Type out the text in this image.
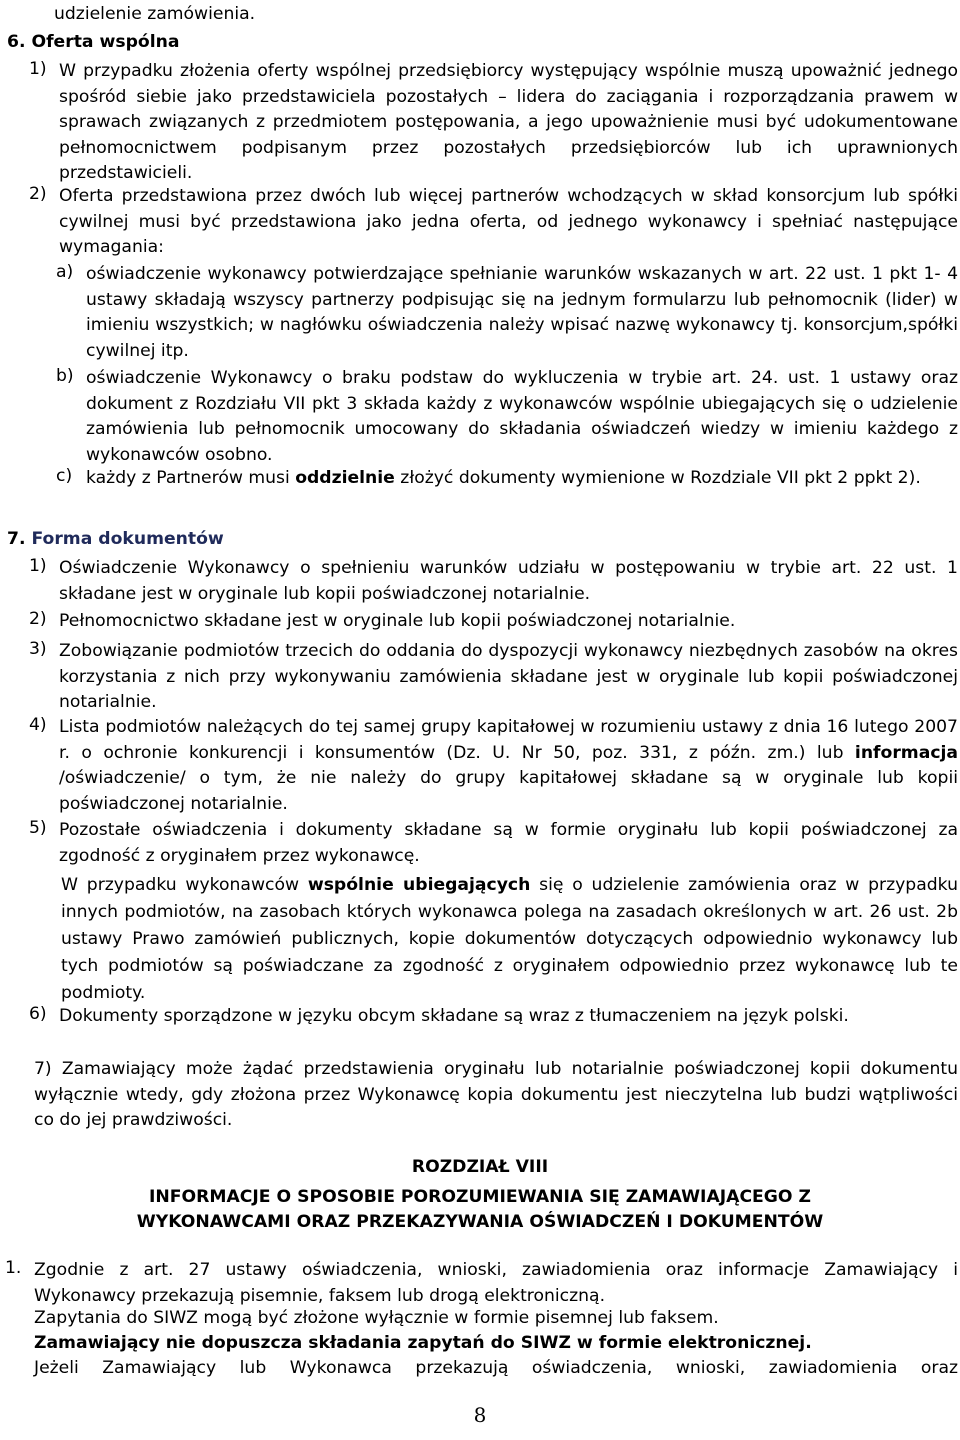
udzielenie zamówienia.
6. Oferta wspólna
1) W przypadku złożenia oferty wspólnej przedsiębiorcy występujący wspólnie muszą upoważnić jednego spośród siebie jako przedstawiciela pozostałych – lidera do zaciągania i rozporządzania prawem w sprawach związanych z przedmiotem postępowania, a jego upoważnienie musi być udokumentowane pełnomocnictwem podpisanym przez pozostałych przedsiębiorców lub ich uprawnionych przedstawicieli.
2) Oferta przedstawiona przez dwóch lub więcej partnerów wchodzących w skład konsorcjum lub spółki cywilnej musi być przedstawiona jako jedna oferta, od jednego wykonawcy i spełniać następujące wymagania:
a) oświadczenie wykonawcy potwierdzające spełnianie warunków wskazanych w art. 22 ust. 1 pkt 1- 4 ustawy składają wszyscy partnerzy podpisując się na jednym formularzu lub pełnomocnik (lider) w imieniu wszystkich; w nagłówku oświadczenia należy wpisać nazwę wykonawcy tj. konsorcjum,spółki cywilnej itp.
b) oświadczenie Wykonawcy o braku podstaw do wykluczenia w trybie art. 24. ust. 1 ustawy oraz dokument z Rozdziału VII pkt 3 składa każdy z wykonawców wspólnie ubiegających się o udzielenie zamówienia lub pełnomocnik umocowany do składania oświadczeń wiedzy w imieniu każdego z wykonawców osobno.
c) każdy z Partnerów musi oddzielnie złożyć dokumenty wymienione w Rozdziale VII pkt 2 ppkt 2).
7. Forma dokumentów
1) Oświadczenie Wykonawcy o spełnieniu warunków udziału w postępowaniu w trybie art. 22 ust. 1 składane jest w oryginale lub kopii poświadczonej notarialnie.
2) Pełnomocnictwo składane jest w oryginale lub kopii poświadczonej notarialnie.
3) Zobowiązanie podmiotów trzecich do oddania do dyspozycji wykonawcy niezbędnych zasobów na okres korzystania z nich przy wykonywaniu zamówienia składane jest w oryginale lub kopii poświadczonej notarialnie.
4) Lista podmiotów należących do tej samej grupy kapitałowej w rozumieniu ustawy z dnia 16 lutego 2007 r. o ochronie konkurencji i konsumentów (Dz. U. Nr 50, poz. 331, z późn. zm.) lub informacja /oświadczenie/ o tym, że nie należy do grupy kapitałowej składane są w oryginale lub kopii poświadczonej notarialnie.
5) Pozostałe oświadczenia i dokumenty składane są w formie oryginału lub kopii poświadczonej za zgodność z oryginałem przez wykonawcę.
W przypadku wykonawców wspólnie ubiegających się o udzielenie zamówienia oraz w przypadku innych podmiotów, na zasobach których wykonawca polega na zasadach określonych w art. 26 ust. 2b ustawy Prawo zamówień publicznych, kopie dokumentów dotyczących odpowiednio wykonawcy lub tych podmiotów są poświadczane za zgodność z oryginałem odpowiednio przez wykonawcę lub te podmioty.
6) Dokumenty sporządzone w języku obcym składane są wraz z tłumaczeniem na język polski.
7) Zamawiający może żądać przedstawienia oryginału lub notarialnie poświadczonej kopii dokumentu wyłącznie wtedy, gdy złożona przez Wykonawcę kopia dokumentu jest nieczytelna lub budzi wątpliwości co do jej prawdziwości.
ROZDZIAŁ VIII
INFORMACJE O SPOSOBIE POROZUMIEWANIA SIĘ ZAMAWIAJĄCEGO Z
WYKONAWCAMI ORAZ PRZEKAZYWANIA OŚWIADCZEŃ I DOKUMENTÓW
1. Zgodnie z art. 27 ustawy oświadczenia, wnioski, zawiadomienia oraz informacje Zamawiający i Wykonawcy przekazują pisemnie, faksem lub drogą elektroniczną.
Zapytania do SIWZ mogą być złożone wyłącznie w formie pisemnej lub faksem.
Zamawiający nie dopuszcza składania zapytań do SIWZ w formie elektronicznej.
Jeżeli Zamawiający lub Wykonawca przekazują oświadczenia, wnioski, zawiadomienia oraz
8
